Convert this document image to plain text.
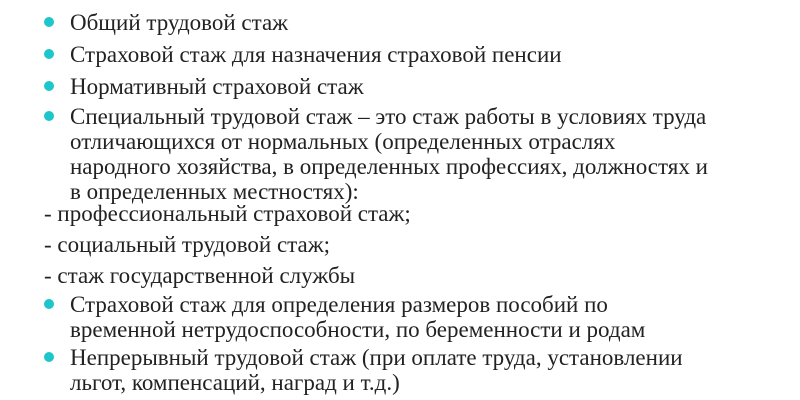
Общий трудовой стаж
Страховой стаж для назначения страховой пенсии
Нормативный страховой стаж
Специальный трудовой стаж – это стаж работы в условиях труда
отличающихся от нормальных (определенных отраслях
народного хозяйства, в определенных профессиях, должностях и
в определенных местностях):
- профессиональный страховой стаж;
- социальный трудовой стаж;
- стаж государственной службы
Страховой стаж для определения размеров пособий по
временной нетрудоспособности, по беременности и родам
Непрерывный трудовой стаж (при оплате труда, установлении
льгот, компенсаций, наград и т.д.)
